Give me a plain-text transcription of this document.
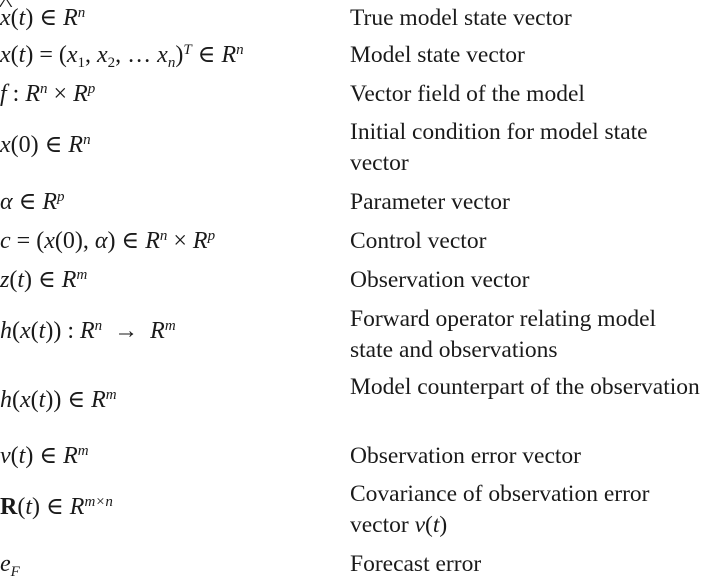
^ x(t) ∈ $R^n$	True model state vector
$x(t) = (x_1$, $x_2$, … $x_n)^T$ ∈ $R^n$	Model state vector
f : $R^n \times R^p$	Vector field of the model
x(0) ∈ $R^n$	Initial condition for model state vector
α ∈ $R^p$	Parameter vector
c = (x(0), α) ∈ $R^n \times R^p$	Control vector
z(t) ∈ $R^m$	Observation vector
h(x(t)) : $R^n \to R^m$	Forward operator relating model state and observations
h(x(t)) ∈ $R^m$	Model counterpart of the observation
v(t) ∈ $R^m$	Observation error vector
R(t) ∈ $R^{m\times n}$	Covariance of observation error vector v(t)
$e_F$	Forecast error
